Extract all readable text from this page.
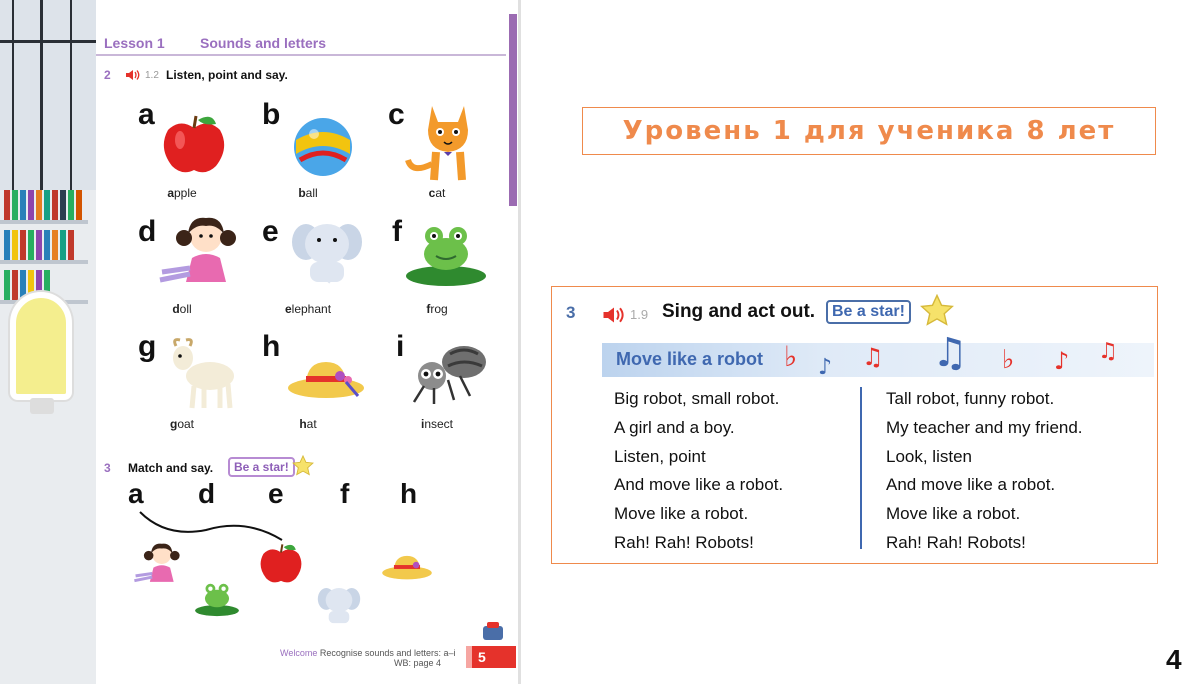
Lesson 1	Sounds and letters
2	1.2 Listen, point and say.
a
apple
b
ball
c
cat
d
doll
e
elephant
f
frog
g
goat
h
hat
i
insect
3 Match and say.	Be a star!
a d e f h
Welcome Recognise sounds and letters: a–i
WB: page 4	5
Уровень 1 для ученика 8 лет
3	1.9 Sing and act out.	Be a star!
Move like a robot ♭ ♪ ♫ ♫ ♭ ♪ ♫
Big robot, small robot.
A girl and a boy.
Listen, point
And move like a robot.
Move like a robot.
Rah! Rah! Robots!
Tall robot, funny robot.
My teacher and my friend.
Look, listen
And move like a robot.
Move like a robot.
Rah! Rah! Robots!
4
